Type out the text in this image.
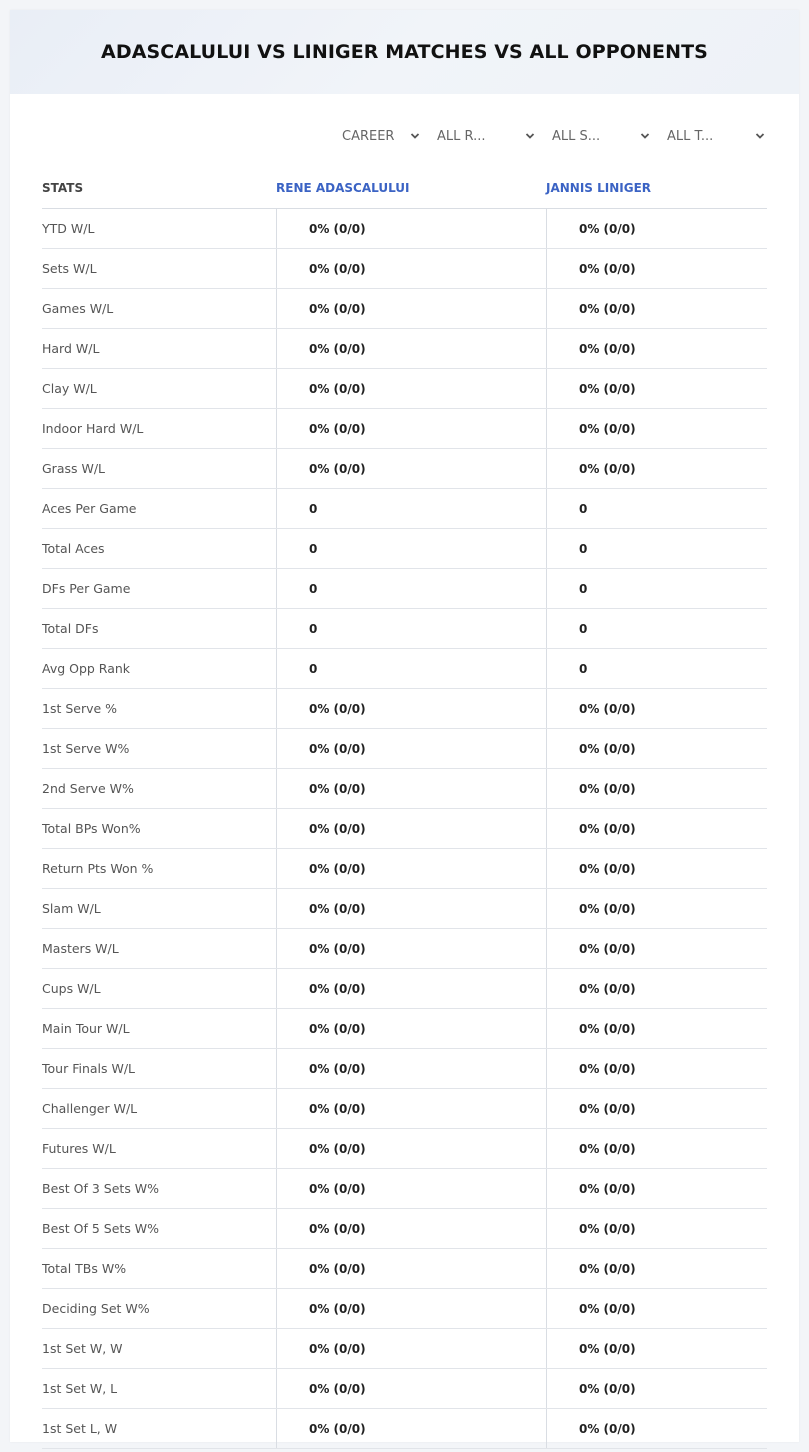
ADASCALULUI VS LINIGER MATCHES VS ALL OPPONENTS
CAREER	ALL R...	ALL S...	ALL T...
STATS	RENE ADASCALULUI	JANNIS LINIGER
YTD W/L	0% (0/0)	0% (0/0)
Sets W/L	0% (0/0)	0% (0/0)
Games W/L	0% (0/0)	0% (0/0)
Hard W/L	0% (0/0)	0% (0/0)
Clay W/L	0% (0/0)	0% (0/0)
Indoor Hard W/L	0% (0/0)	0% (0/0)
Grass W/L	0% (0/0)	0% (0/0)
Aces Per Game	0	0
Total Aces	0	0
DFs Per Game	0	0
Total DFs	0	0
Avg Opp Rank	0	0
1st Serve %	0% (0/0)	0% (0/0)
1st Serve W%	0% (0/0)	0% (0/0)
2nd Serve W%	0% (0/0)	0% (0/0)
Total BPs Won%	0% (0/0)	0% (0/0)
Return Pts Won %	0% (0/0)	0% (0/0)
Slam W/L	0% (0/0)	0% (0/0)
Masters W/L	0% (0/0)	0% (0/0)
Cups W/L	0% (0/0)	0% (0/0)
Main Tour W/L	0% (0/0)	0% (0/0)
Tour Finals W/L	0% (0/0)	0% (0/0)
Challenger W/L	0% (0/0)	0% (0/0)
Futures W/L	0% (0/0)	0% (0/0)
Best Of 3 Sets W%	0% (0/0)	0% (0/0)
Best Of 5 Sets W%	0% (0/0)	0% (0/0)
Total TBs W%	0% (0/0)	0% (0/0)
Deciding Set W%	0% (0/0)	0% (0/0)
1st Set W, W	0% (0/0)	0% (0/0)
1st Set W, L	0% (0/0)	0% (0/0)
1st Set L, W	0% (0/0)	0% (0/0)
